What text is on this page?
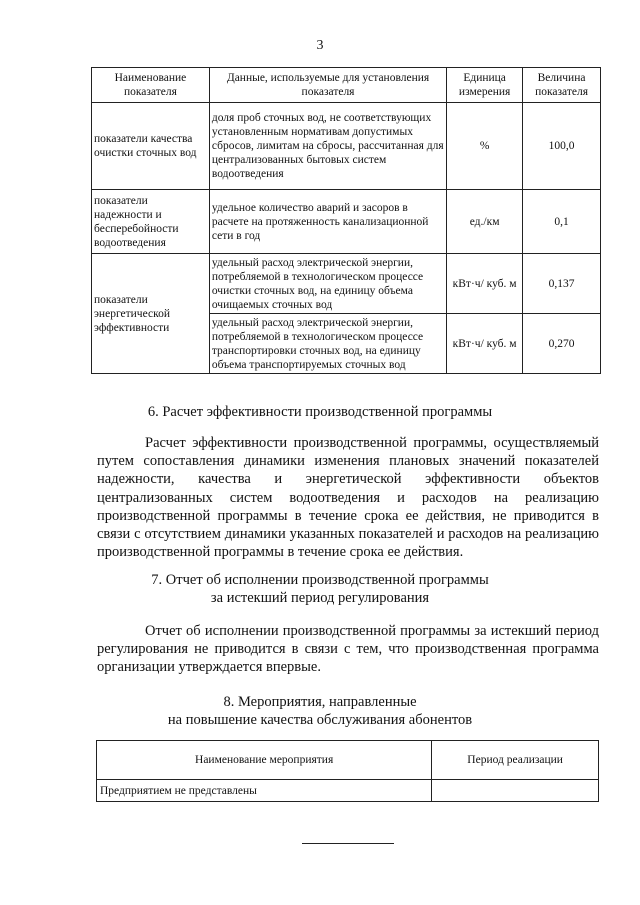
3
Наименование показателя	Данные, используемые для установления показателя	Единица измерения	Величина показателя
показатели качества очистки сточных вод	доля проб сточных вод, не соответствующих установленным нормативам допустимых сбросов, лимитам на сбросы, рассчитанная для централизованных бытовых систем водоотведения	%	100,0
показатели надежности и бесперебойности водоотведения	удельное количество аварий и засоров в расчете на протяженность канализационной сети в год	ед./км	0,1
показатели энергетической эффективности	удельный расход электрической энергии, потребляемой в технологическом процессе очистки сточных вод, на единицу объема очищаемых сточных вод	кВт·ч/ куб. м	0,137
	удельный расход электрической энергии, потребляемой в технологическом процессе транспортировки сточных вод, на единицу объема транспортируемых сточных вод	кВт·ч/ куб. м	0,270
6. Расчет эффективности производственной программы
Расчет эффективности производственной программы, осуществляемый путем сопоставления динамики изменения плановых значений показателей надежности, качества и энергетической эффективности объектов централизованных систем водоотведения и расходов на реализацию производственной программы в течение срока ее действия, не приводится в связи с отсутствием динамики указанных показателей и расходов на реализацию производственной программы в течение срока ее действия.
7. Отчет об исполнении производственной программы
за истекший период регулирования
Отчет об исполнении производственной программы за истекший период регулирования не приводится в связи с тем, что производственная программа организации утверждается впервые.
8. Мероприятия, направленные
на повышение качества обслуживания абонентов
Наименование мероприятия	Период реализации
Предприятием не представлены	
